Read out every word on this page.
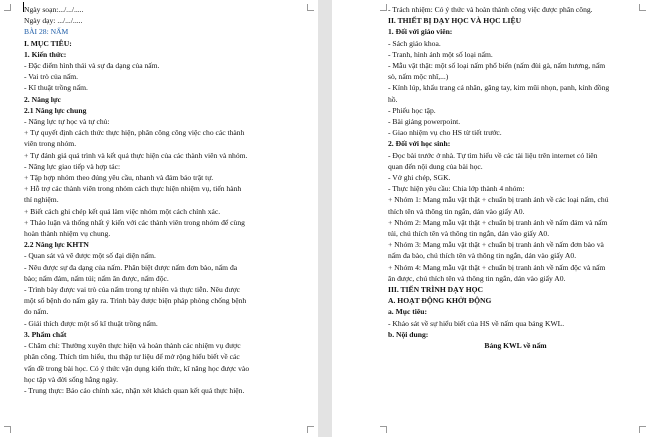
Ngày soạn:.../.../.....
Ngày dạy: .../.../.....
BÀI 28: NẤM
I. MỤC TIÊU:
1. Kiến thức:
- Đặc điểm hình thái và sự đa dạng của nấm.
- Vai trò của nấm.
- Kĩ thuật trồng nấm.
2. Năng lực
2.1 Năng lực chung
- Năng lực tự học và tự chủ:
+ Tự quyết định cách thức thực hiện, phân công công việc cho các thành
viên trong nhóm.
+ Tự đánh giá quá trình và kết quả thực hiện của các thành viên và nhóm.
- Năng lực giao tiếp và hợp tác:
+ Tập hợp nhóm theo đúng yêu cầu, nhanh và đảm bảo trật tự.
+ Hỗ trợ các thành viên trong nhóm cách thực hiện nhiệm vụ, tiến hành
thí nghiệm.
+ Biết cách ghi chép kết quả làm việc nhóm một cách chính xác.
+ Thảo luận và thống nhất ý kiến với các thành viên trong nhóm để cùng
hoàn thành nhiệm vụ chung.
2.2 Năng lực KHTN
- Quan sát và vẽ được một số đại diện nấm.
- Nêu được sự đa dạng của nấm. Phân biệt được nấm đơn bào, nấm đa
bào; nấm đảm, nấm túi; nấm ăn được, nấm độc.
- Trình bày được vai trò của nấm trong tự nhiên và thực tiễn. Nêu được
một số bệnh do nấm gây ra. Trình bày được biện pháp phòng chống bệnh
do nấm.
- Giải thích được một số kĩ thuật trồng nấm.
3. Phẩm chất
- Chăm chỉ: Thường xuyên thực hiện và hoàn thành các nhiệm vụ được
phân công. Thích tìm hiểu, thu thập tư liệu để mở rộng hiểu biết về các
vấn đề trong bài học. Có ý thức vận dụng kiến thức, kĩ năng học được vào
học tập và đời sống hằng ngày.
- Trung thực: Báo cáo chính xác, nhận xét khách quan kết quả thực hiện.
- Trách nhiệm: Có ý thức và hoàn thành công việc được phân công.
II. THIẾT BỊ DẠY HỌC VÀ HỌC LIỆU
1. Đối với giáo viên:
- Sách giáo khoa.
- Tranh, hình ảnh một số loại nấm.
- Mẫu vật thật: một số loại nấm phổ biến (nấm đùi gà, nấm hương, nấm
sò, nấm mộc nhĩ,...)
- Kính lúp, khẩu trang cá nhân, găng tay, kim mũi nhọn, panh, kính đồng
hồ.
- Phiếu học tập.
- Bài giảng powerpoint.
- Giao nhiệm vụ cho HS từ tiết trước.
2. Đối với học sinh:
- Đọc bài trước ở nhà. Tự tìm hiểu về các tài liệu trên internet có liên
quan đến nội dung của bài học.
- Vở ghi chép, SGK.
- Thực hiện yêu cầu: Chia lớp thành 4 nhóm:
+ Nhóm 1: Mang mẫu vật thật + chuẩn bị tranh ảnh về các loại nấm, chú
thích tên và thông tin ngắn, dán vào giấy A0.
+ Nhóm 2: Mang mẫu vật thật + chuẩn bị tranh ảnh về nấm đảm và nấm
túi, chú thích tên và thông tin ngắn, dán vào giấy A0.
+ Nhóm 3: Mang mẫu vật thật + chuẩn bị tranh ảnh về nấm đơn bào và
nấm đa bào, chú thích tên và thông tin ngắn, dán vào giấy A0.
+ Nhóm 4: Mang mẫu vật thật + chuẩn bị tranh ảnh về nấm độc và nấm
ăn được, chú thích tên và thông tin ngắn, dán vào giấy A0.
III. TIẾN TRÌNH DẠY HỌC
A. HOẠT ĐỘNG KHỞI ĐỘNG
a. Mục tiêu:
- Khảo sát về sự hiểu biết của HS về nấm qua bảng KWL.
b. Nội dung:
Bảng KWL về nấm
